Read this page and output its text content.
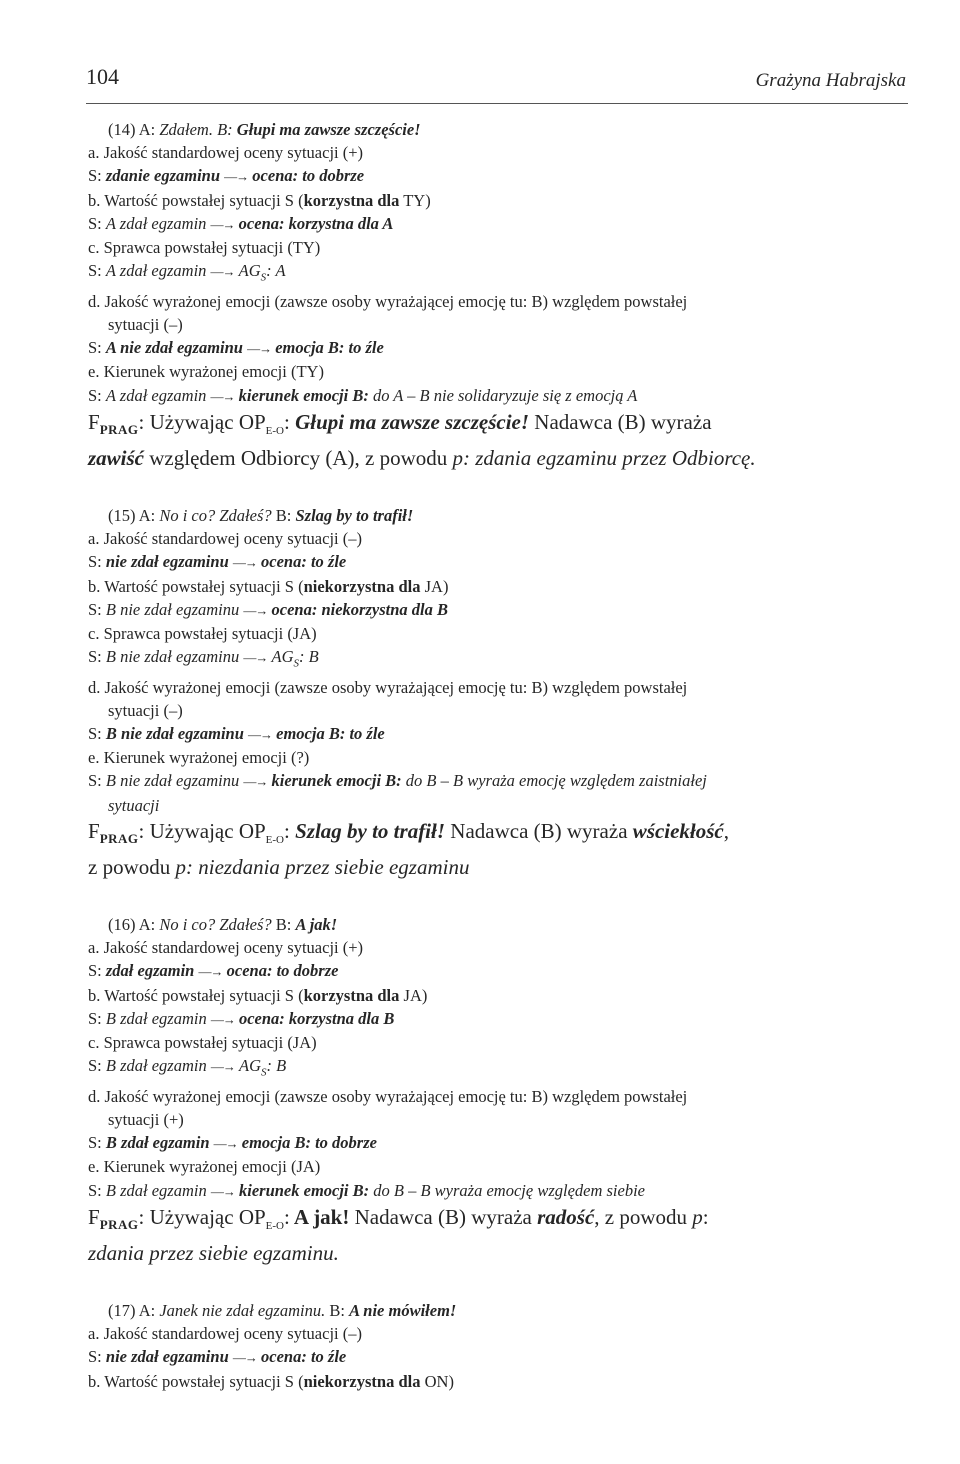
104	Grażyna Habrajska
(14) A: Zdałem. B: Głupi ma zawsze szczęście!
a. Jakość standardowej oceny sytuacji (+)
S: zdanie egzaminu —→ ocena: to dobrze
b. Wartość powstałej sytuacji S (korzystna dla TY)
S: A zdał egzamin —→ ocena: korzystna dla A
c. Sprawca powstałej sytuacji (TY)
S: A zdał egzamin —→ $AG_S$: A
d. Jakość wyrażonej emocji (zawsze osoby wyrażającej emocję tu: B) względem powstałej
sytuacji (–)
S: A nie zdał egzaminu —→ emocja B: to źle
e. Kierunek wyrażonej emocji (TY)
S: A zdał egzamin —→ kierunek emocji B: do A – B nie solidaryzuje się z emocją A
$F_{PRAG}$: Używając $OP_{E-O}$: Głupi ma zawsze szczęście! Nadawca (B) wyraża
zawiść względem Odbiorcy (A), z powodu p: zdania egzaminu przez Odbiorcę.
(15) A: No i co? Zdałeś? B: Szlag by to trafił!
a. Jakość standardowej oceny sytuacji (–)
S: nie zdał egzaminu —→ ocena: to źle
b. Wartość powstałej sytuacji S (niekorzystna dla JA)
S: B nie zdał egzaminu —→ ocena: niekorzystna dla B
c. Sprawca powstałej sytuacji (JA)
S: B nie zdał egzaminu —→ $AG_S$: B
d. Jakość wyrażonej emocji (zawsze osoby wyrażającej emocję tu: B) względem powstałej
sytuacji (–)
S: B nie zdał egzaminu —→ emocja B: to źle
e. Kierunek wyrażonej emocji (?)
S: B nie zdał egzaminu —→ kierunek emocji B: do B – B wyraża emocję względem zaistniałej
sytuacji
$F_{PRAG}$: Używając $OP_{E-O}$: Szlag by to trafił! Nadawca (B) wyraża wściekłość,
z powodu p: niezdania przez siebie egzaminu
(16) A: No i co? Zdałeś? B: A jak!
a. Jakość standardowej oceny sytuacji (+)
S: zdał egzamin —→ ocena: to dobrze
b. Wartość powstałej sytuacji S (korzystna dla JA)
S: B zdał egzamin —→ ocena: korzystna dla B
c. Sprawca powstałej sytuacji (JA)
S: B zdał egzamin —→ $AG_S$: B
d. Jakość wyrażonej emocji (zawsze osoby wyrażającej emocję tu: B) względem powstałej
sytuacji (+)
S: B zdał egzamin —→ emocja B: to dobrze
e. Kierunek wyrażonej emocji (JA)
S: B zdał egzamin —→ kierunek emocji B: do B – B wyraża emocję względem siebie
$F_{PRAG}$: Używając $OP_{E-O}$: A jak! Nadawca (B) wyraża radość, z powodu p:
zdania przez siebie egzaminu.
(17) A: Janek nie zdał egzaminu. B: A nie mówiłem!
a. Jakość standardowej oceny sytuacji (–)
S: nie zdał egzaminu —→ ocena: to źle
b. Wartość powstałej sytuacji S (niekorzystna dla ON)
